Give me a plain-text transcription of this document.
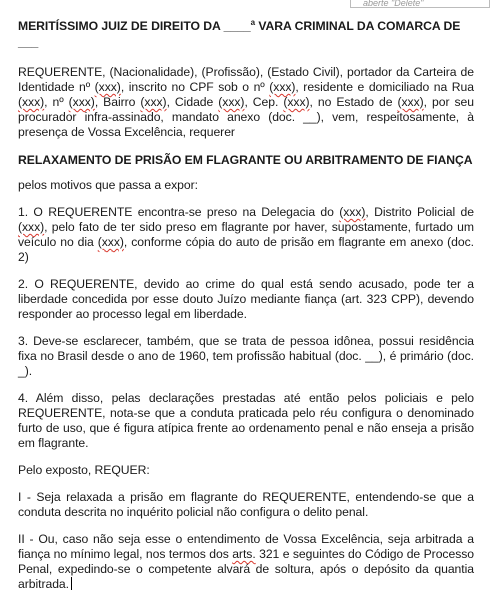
aberte "Delete"

MERITÍSSIMO JUIZ DE DIREITO DA ____$^a$ VARA CRIMINAL DA COMARCA DE
___

REQUERENTE, (Nacionalidade), (Profissão), (Estado Civil), portador da Carteira de Identidade nº (xxx), inscrito no CPF sob o nº (xxx), residente e domiciliado na Rua (xxx), nº (xxx), Bairro (xxx), Cidade (xxx), Cep. (xxx), no Estado de (xxx), por seu procurador infra-assinado, mandato anexo (doc. __), vem, respeitosamente, à presença de Vossa Excelência, requerer

RELAXAMENTO DE PRISÃO EM FLAGRANTE OU ARBITRAMENTO DE FIANÇA

pelos motivos que passa a expor:

1. O REQUERENTE encontra-se preso na Delegacia do (xxx), Distrito Policial de (xxx), pelo fato de ter sido preso em flagrante por haver, supostamente, furtado um veículo no dia (xxx), conforme cópia do auto de prisão em flagrante em anexo (doc. 2)

2. O REQUERENTE, devido ao crime do qual está sendo acusado, pode ter a liberdade concedida por esse douto Juízo mediante fiança (art. 323 CPP), devendo responder ao processo legal em liberdade.

3. Deve-se esclarecer, também, que se trata de pessoa idônea, possui residência fixa no Brasil desde o ano de 1960, tem profissão habitual (doc. __), é primário (doc. _).

4. Além disso, pelas declarações prestadas até então pelos policiais e pelo REQUERENTE, nota-se que a conduta praticada pelo réu configura o denominado furto de uso, que é figura atípica frente ao ordenamento penal e não enseja a prisão em flagrante.

Pelo exposto, REQUER:

I - Seja relaxada a prisão em flagrante do REQUERENTE, entendendo-se que a conduta descrita no inquérito policial não configura o delito penal.

II - Ou, caso não seja esse o entendimento de Vossa Excelência, seja arbitrada a fiança no mínimo legal, nos termos dos arts. 321 e seguintes do Código de Processo Penal, expedindo-se o competente alvará de soltura, após o depósito da quantia arbitrada.
